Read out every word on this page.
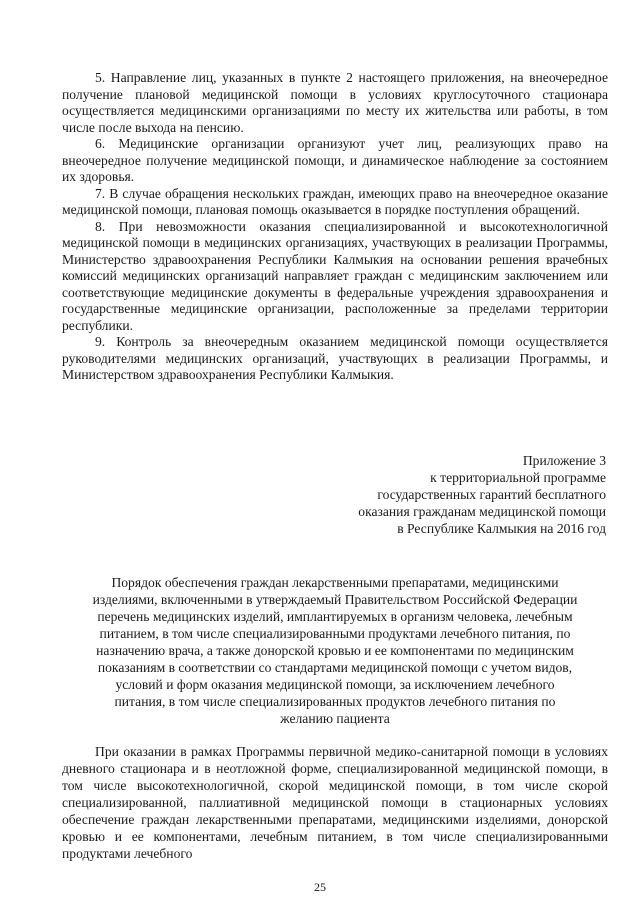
5. Направление лиц, указанных в пункте 2 настоящего приложения, на внеочередное получение плановой медицинской помощи в условиях круглосуточного стационара осуществляется медицинскими организациями по месту их жительства или работы, в том числе после выхода на пенсию.

6. Медицинские организации организуют учет лиц, реализующих право на внеочередное получение медицинской помощи, и динамическое наблюдение за состоянием их здоровья.

7. В случае обращения нескольких граждан, имеющих право на внеочередное оказание медицинской помощи, плановая помощь оказывается в порядке поступления обращений.

8. При невозможности оказания специализированной и высокотехнологичной медицинской помощи в медицинских организациях, участвующих в реализации Программы, Министерство здравоохранения Республики Калмыкия на основании решения врачебных комиссий медицинских организаций направляет граждан с медицинским заключением или соответствующие медицинские документы в федеральные учреждения здравоохранения и государственные медицинские организации, расположенные за пределами территории республики.

9. Контроль за внеочередным оказанием медицинской помощи осуществляется руководителями медицинских организаций, участвующих в реализации Программы, и Министерством здравоохранения Республики Калмыкия.

Приложение 3
к территориальной программе
государственных гарантий бесплатного
оказания гражданам медицинской помощи
в Республике Калмыкия на 2016 год
Порядок обеспечения граждан лекарственными препаратами, медицинскими
изделиями, включенными в утверждаемый Правительством Российской Федерации
перечень медицинских изделий, имплантируемых в организм человека, лечебным
питанием, в том числе специализированными продуктами лечебного питания, по
назначению врача, а также донорской кровью и ее компонентами по медицинским
показаниям в соответствии со стандартами медицинской помощи с учетом видов,
условий и форм оказания медицинской помощи, за исключением лечебного
питания, в том числе специализированных продуктов лечебного питания по
желанию пациента

При оказании в рамках Программы первичной медико-санитарной помощи в условиях дневного стационара и в неотложной форме, специализированной медицинской помощи, в том числе высокотехнологичной, скорой медицинской помощи, в том числе скорой специализированной, паллиативной медицинской помощи в стационарных условиях обеспечение граждан лекарственными препаратами, медицинскими изделиями, донорской кровью и ее компонентами, лечебным питанием, в том числе специализированными продуктами лечебного

25
